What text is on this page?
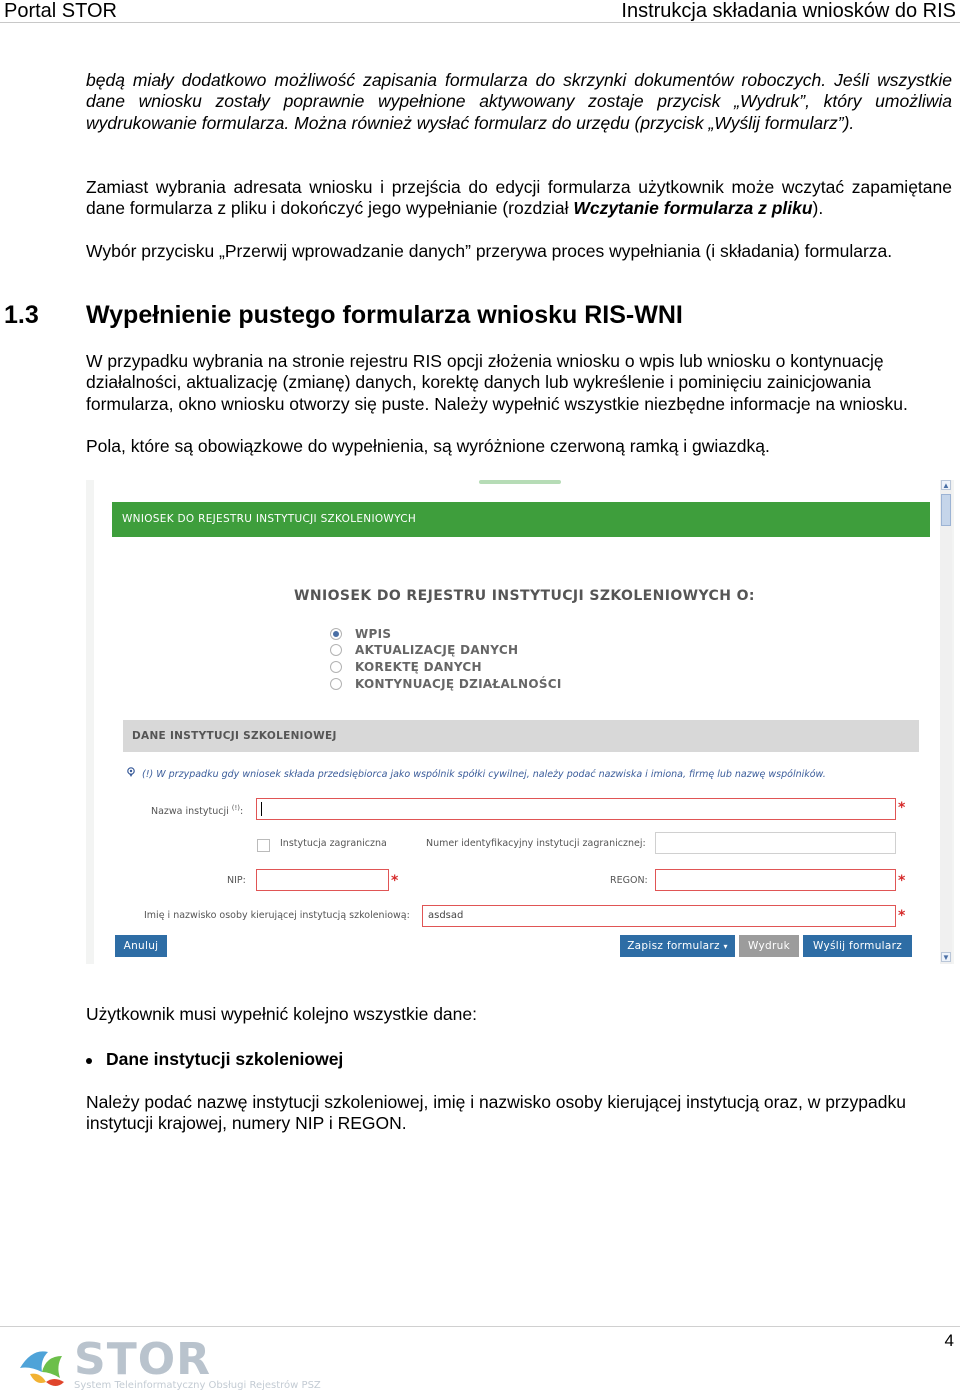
Portal STOR	Instrukcja składania wniosków do RIS

będą miały dodatkowo możliwość zapisania formularza do skrzynki dokumentów roboczych. Jeśli wszystkie dane wniosku zostały poprawnie wypełnione aktywowany zostaje przycisk „Wydruk”, który umożliwia wydrukowanie formularza. Można również wysłać formularz do urzędu (przycisk „Wyślij formularz”).

Zamiast wybrania adresata wniosku i przejścia do edycji formularza użytkownik może wczytać zapamiętane dane formularza z pliku i dokończyć jego wypełnianie (rozdział Wczytanie formularza z pliku).

Wybór przycisku „Przerwij wprowadzanie danych” przerywa proces wypełniania (i składania) formularza.

1.3 Wypełnienie pustego formularza wniosku RIS-WNI

W przypadku wybrania na stronie rejestru RIS opcji złożenia wniosku o wpis lub wniosku o kontynuację działalności, aktualizację (zmianę) danych, korektę danych lub wykreślenie i pominięciu zainicjowania formularza, okno wniosku otworzy się puste. Należy wypełnić wszystkie niezbędne informacje na wniosku.

Pola, które są obowiązkowe do wypełnienia, są wyróżnione czerwoną ramką i gwiazdką.

WNIOSEK DO REJESTRU INSTYTUCJI SZKOLENIOWYCH
WNIOSEK DO REJESTRU INSTYTUCJI SZKOLENIOWYCH O:
WPIS
AKTUALIZACJĘ DANYCH
KOREKTĘ DANYCH
KONTYNUACJĘ DZIAŁALNOŚCI
DANE INSTYTUCJI SZKOLENIOWEJ
(!) W przypadku gdy wniosek składa przedsiębiorca jako wspólnik spółki cywilnej, należy podać nazwiska i imiona, firmę lub nazwę wspólników.
Nazwa instytucji (!):	*
Instytucja zagraniczna	Numer identyfikacyjny instytucji zagranicznej:
NIP:	*	REGON:	*
Imię i nazwisko osoby kierującej instytucją szkoleniową: asdsad	*
Anuluj	Zapisz formularz ▾	Wydruk	Wyślij formularz
▲
▼

Użytkownik musi wypełnić kolejno wszystkie dane:

Dane instytucji szkoleniowej

Należy podać nazwę instytucji szkoleniowej, imię i nazwisko osoby kierującej instytucją oraz, w przypadku instytucji krajowej, numery NIP i REGON.

STOR
System Teleinformatyczny Obsługi Rejestrów PSZ
4
